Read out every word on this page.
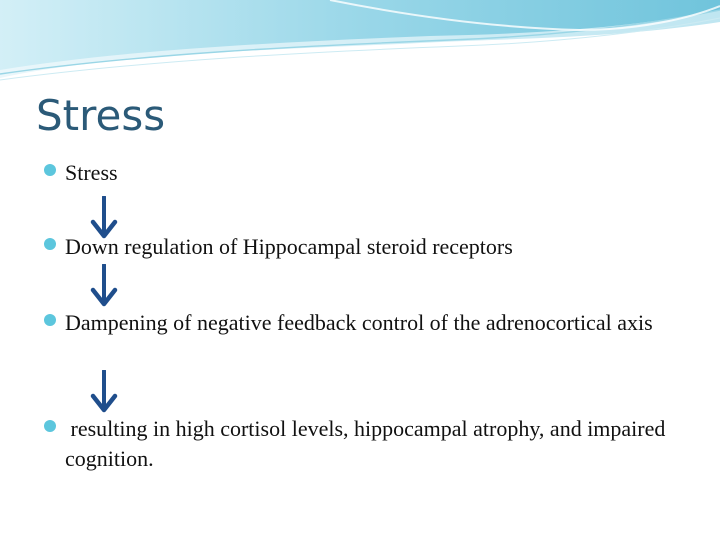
Stress
Stress
Down regulation of Hippocampal steroid receptors
Dampening of negative feedback control of the adrenocortical axis
resulting in high cortisol levels, hippocampal atrophy, and impaired cognition.
